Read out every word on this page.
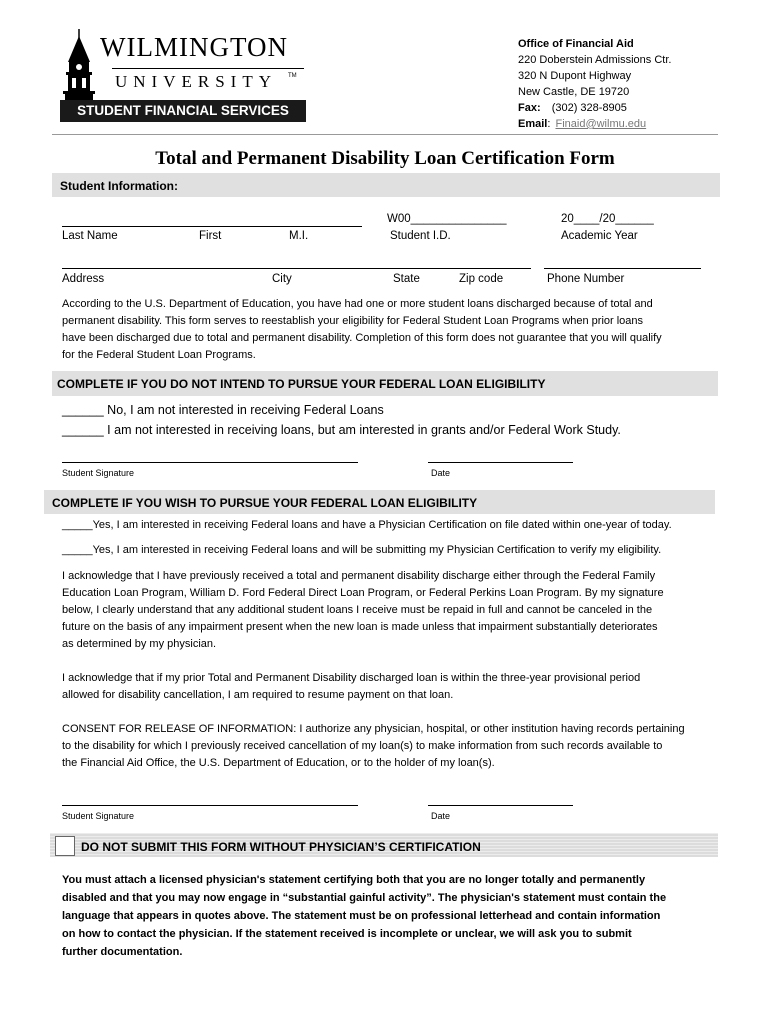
WILMINGTON
UNIVERSITY TM
STUDENT FINANCIAL SERVICES
Office of Financial Aid
220 Doberstein Admissions Ctr.
320 N Dupont Highway
New Castle, DE 19720
Fax: (302) 328-8905
Email: Finaid@wilmu.edu
Total and Permanent Disability Loan Certification Form
Student Information:
W00_______________	20____/20______
Last Name	First	M.I.	Student I.D.	Academic Year
Address	City	State	Zip code	Phone Number
According to the U.S. Department of Education, you have had one or more student loans discharged because of total and
permanent disability. This form serves to reestablish your eligibility for Federal Student Loan Programs when prior loans
have been discharged due to total and permanent disability. Completion of this form does not guarantee that you will qualify
for the Federal Student Loan Programs.
COMPLETE IF YOU DO NOT INTEND TO PURSUE YOUR FEDERAL LOAN ELIGIBILITY
______ No, I am not interested in receiving Federal Loans
______ I am not interested in receiving loans, but am interested in grants and/or Federal Work Study.
Student Signature	Date
COMPLETE IF YOU WISH TO PURSUE YOUR FEDERAL LOAN ELIGIBILITY
_____Yes, I am interested in receiving Federal loans and have a Physician Certification on file dated within one-year of today.
_____Yes, I am interested in receiving Federal loans and will be submitting my Physician Certification to verify my eligibility.
I acknowledge that I have previously received a total and permanent disability discharge either through the Federal Family
Education Loan Program, William D. Ford Federal Direct Loan Program, or Federal Perkins Loan Program. By my signature
below, I clearly understand that any additional student loans I receive must be repaid in full and cannot be canceled in the
future on the basis of any impairment present when the new loan is made unless that impairment substantially deteriorates
as determined by my physician.
I acknowledge that if my prior Total and Permanent Disability discharged loan is within the three-year provisional period
allowed for disability cancellation, I am required to resume payment on that loan.
CONSENT FOR RELEASE OF INFORMATION: I authorize any physician, hospital, or other institution having records pertaining
to the disability for which I previously received cancellation of my loan(s) to make information from such records available to
the Financial Aid Office, the U.S. Department of Education, or to the holder of my loan(s).
Student Signature	Date
DO NOT SUBMIT THIS FORM WITHOUT PHYSICIAN’S CERTIFICATION
You must attach a licensed physician's statement certifying both that you are no longer totally and permanently
disabled and that you may now engage in “substantial gainful activity”. The physician's statement must contain the
language that appears in quotes above. The statement must be on professional letterhead and contain information
on how to contact the physician. If the statement received is incomplete or unclear, we will ask you to submit
further documentation.
